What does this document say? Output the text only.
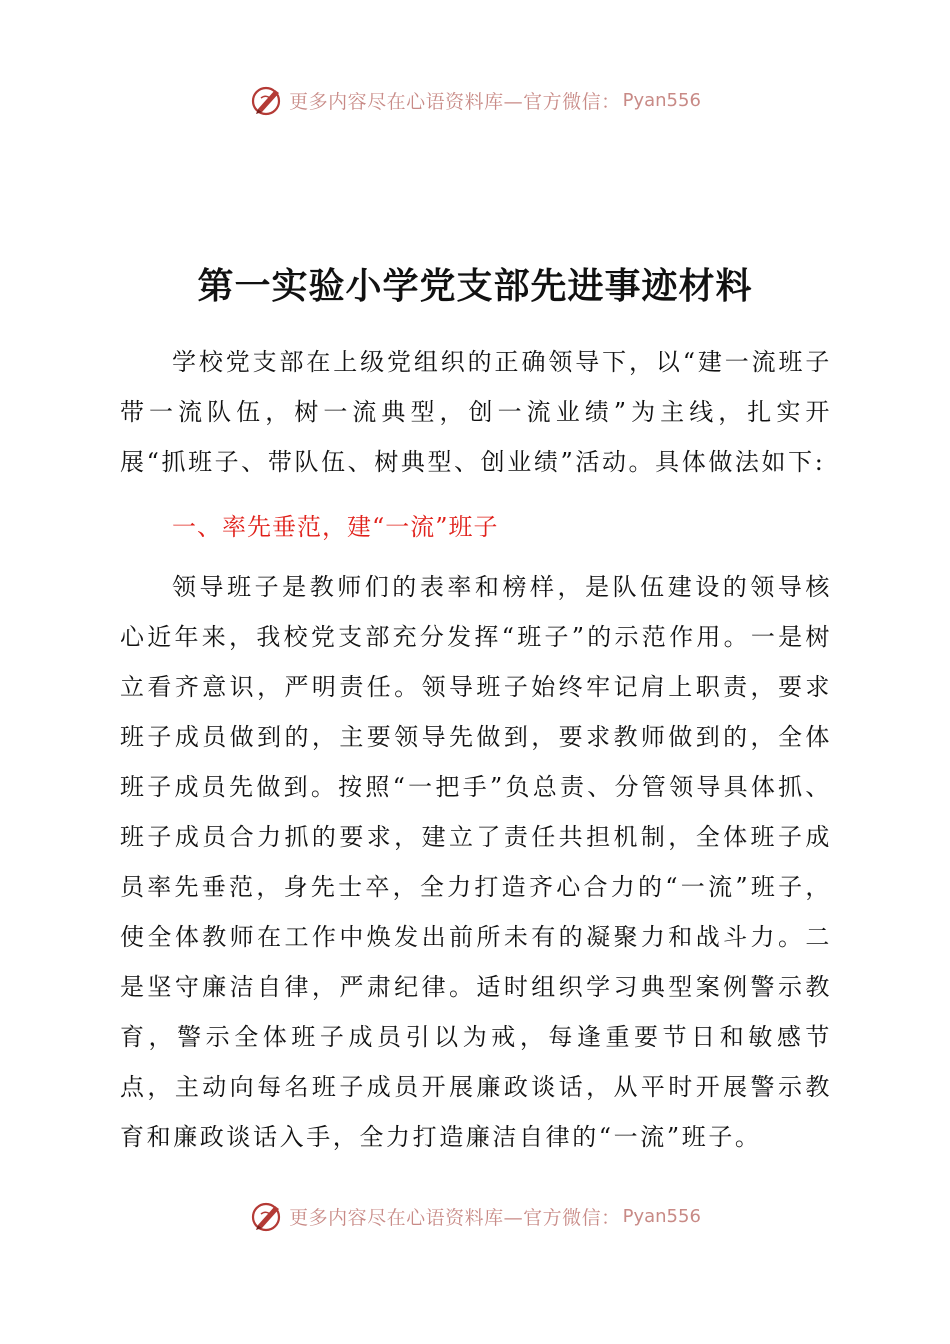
更多内容尽在心语资料库—官方微信： Pyan556
第一实验小学党支部先进事迹材料

学校党支部在上级党组织的正确领导下，以“建一流班子带一流队伍，树一流典型，创一流业绩”为主线，扎实开展“抓班子、带队伍、树典型、创业绩”活动。具体做法如下:

一、率先垂范，建“一流”班子

领导班子是教师们的表率和榜样，是队伍建设的领导核心近年来，我校党支部充分发挥“班子”的示范作用。一是树立看齐意识，严明责任。领导班子始终牢记肩上职责，要求班子成员做到的，主要领导先做到，要求教师做到的，全体班子成员先做到。按照“一把手”负总责、分管领导具体抓、班子成员合力抓的要求，建立了责任共担机制，全体班子成员率先垂范，身先士卒，全力打造齐心合力的“一流”班子，使全体教师在工作中焕发出前所未有的凝聚力和战斗力。二是坚守廉洁自律，严肃纪律。适时组织学习典型案例警示教育，警示全体班子成员引以为戒，每逢重要节日和敏感节点，主动向每名班子成员开展廉政谈话，从平时开展警示教育和廉政谈话入手，全力打造廉洁自律的“一流”班子。

更多内容尽在心语资料库—官方微信： Pyan556
